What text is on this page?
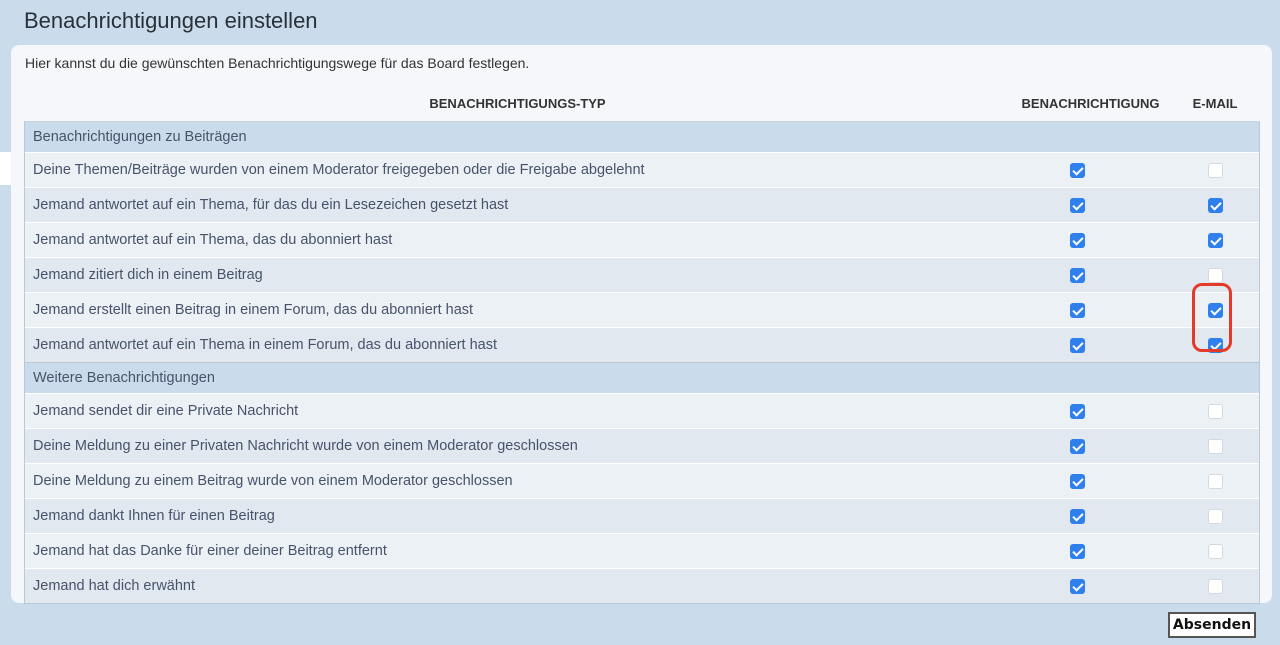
Benachrichtigungen einstellen
Hier kannst du die gewünschten Benachrichtigungswege für das Board festlegen.
BENACHRICHTIGUNGS-TYP	BENACHRICHTIGUNG	E-MAIL
Benachrichtigungen zu Beiträgen		
Deine Themen/Beiträge wurden von einem Moderator freigegeben oder die Freigabe abgelehnt		
Jemand antwortet auf ein Thema, für das du ein Lesezeichen gesetzt hast		
Jemand antwortet auf ein Thema, das du abonniert hast		
Jemand zitiert dich in einem Beitrag		
Jemand erstellt einen Beitrag in einem Forum, das du abonniert hast		
Jemand antwortet auf ein Thema in einem Forum, das du abonniert hast		
Weitere Benachrichtigungen		
Jemand sendet dir eine Private Nachricht		
Deine Meldung zu einer Privaten Nachricht wurde von einem Moderator geschlossen		
Deine Meldung zu einem Beitrag wurde von einem Moderator geschlossen		
Jemand dankt Ihnen für einen Beitrag		
Jemand hat das Danke für einer deiner Beitrag entfernt		
Jemand hat dich erwähnt		
Absenden
